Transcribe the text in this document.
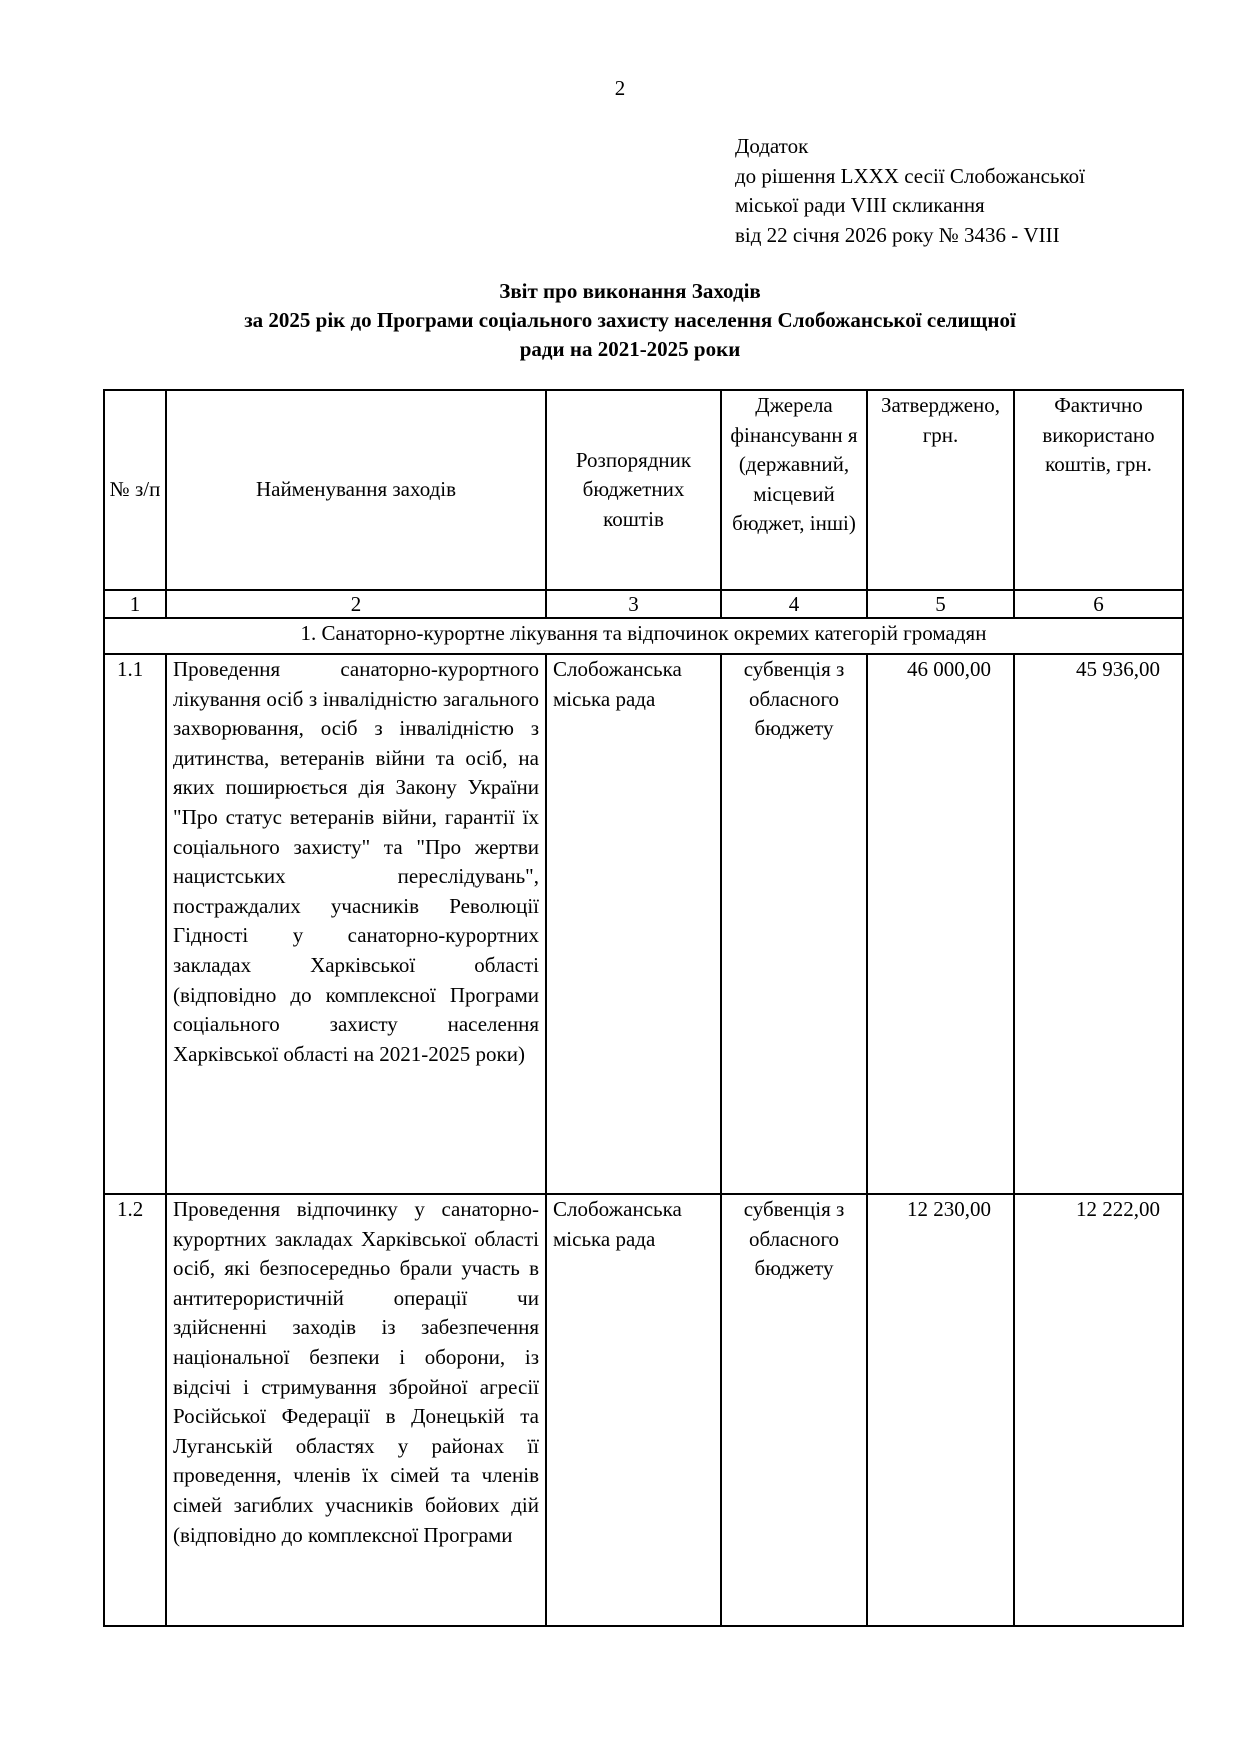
2
Додаток
до рішення LXXX сесії Слобожанської
міської ради VIII скликання
від 22 січня 2026 року № 3436 - VIII
Звіт про виконання Заходів
за 2025 рік до Програми соціального захисту населення Слобожанської селищної
ради на 2021-2025 роки
№ з/п	Найменування заходів	Розпорядник бюджетних коштів	Джерела фінансуванн я (державний, місцевий бюджет, інші)	Затверджено, грн.	Фактично використано коштів, грн.
1	2	3	4	5	6
1. Санаторно-курортне лікування та відпочинок окремих категорій громадян					
1.1	Проведення санаторно-курортного лікування осіб з інвалідністю загального захворювання, осіб з інвалідністю з дитинства, ветеранів війни та осіб, на яких поширюється дія Закону України "Про статус ветеранів війни, гарантії їх соціального захисту" та "Про жертви нацистських переслідувань", постраждалих учасників Революції Гідності у санаторно-курортних закладах Харківської області (відповідно до комплексної Програми соціального захисту населення Харківської області на 2021-2025 роки)	Слобожанська міська рада	субвенція з обласного бюджету	46 000,00	45 936,00
1.2	Проведення відпочинку у санаторно-курортних закладах Харківської області осіб, які безпосередньо брали участь в антитерористичній операції чи здійсненні заходів із забезпечення національної безпеки і оборони, із відсічі і стримування збройної агресії Російської Федерації в Донецькій та Луганській областях у районах її проведення, членів їх сімей та членів сімей загиблих учасників бойових дій (відповідно до комплексної Програми	Слобожанська міська рада	субвенція з обласного бюджету	12 230,00	12 222,00
